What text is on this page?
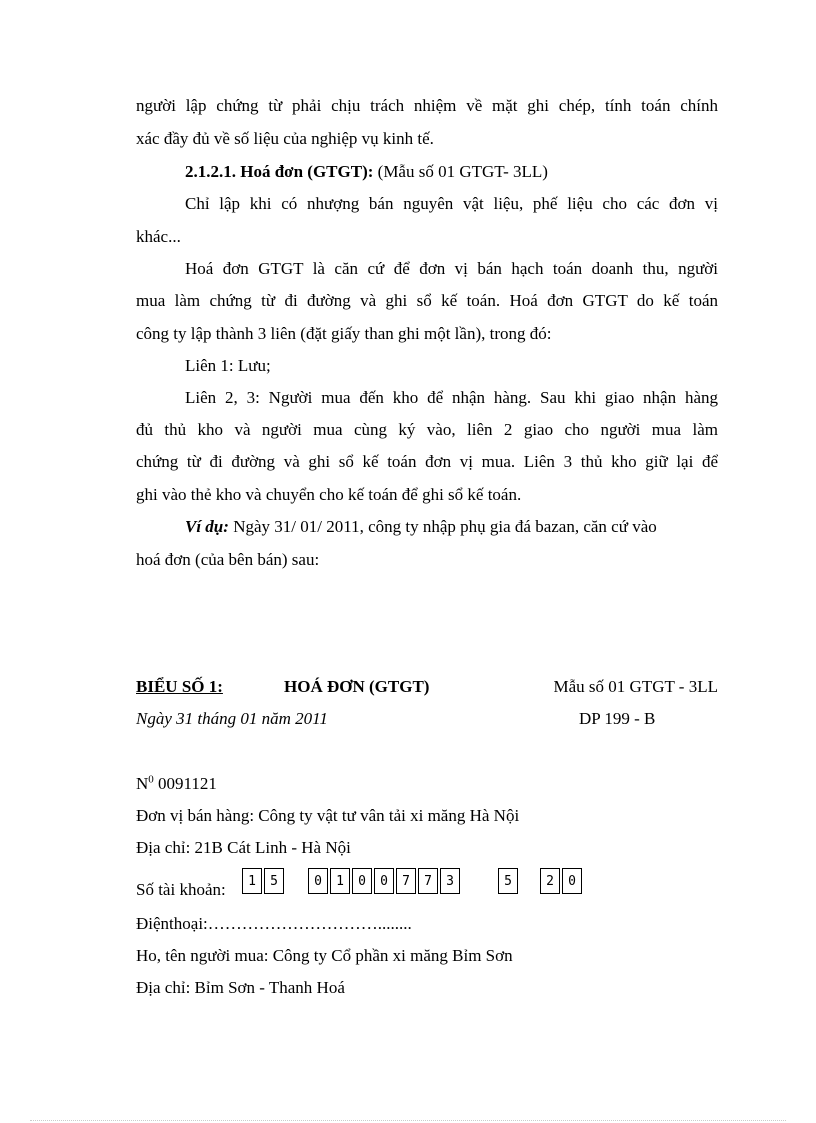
người lập chứng từ phải chịu trách nhiệm về mặt ghi chép, tính toán chính
xác đầy đủ về số liệu của nghiệp vụ kinh tế.
2.1.2.1. Hoá đơn (GTGT): (Mẫu số 01 GTGT- 3LL)
Chỉ lập khi có nhượng bán nguyên vật liệu, phế liệu cho các đơn vị
khác...
Hoá đơn GTGT là căn cứ để đơn vị bán hạch toán doanh thu, người
mua làm chứng từ đi đường và ghi sổ kế toán. Hoá đơn GTGT do kế toán
công ty lập thành 3 liên (đặt giấy than ghi một lần), trong đó:
Liên 1: Lưu;
Liên 2, 3: Người mua đến kho để nhận hàng. Sau khi giao nhận hàng
đủ thủ kho và người mua cùng ký vào, liên 2 giao cho người mua làm
chứng từ đi đường và ghi sổ kế toán đơn vị mua. Liên 3 thủ kho giữ lại để
ghi vào thẻ kho và chuyển cho kế toán để ghi sổ kế toán.
Ví dụ: Ngày 31/ 01/ 2011, công ty nhập phụ gia đá bazan, căn cứ vào
hoá đơn (của bên bán) sau:
BIỂU SỐ 1:	HOÁ ĐƠN (GTGT)	Mẫu số 01 GTGT - 3LL
Ngày 31 tháng 01 năm 2011	DP 199 - B
$N^0$ 0091121
Đơn vị bán hàng: Công ty vật tư vân tải xi măng Hà Nội
Địa chỉ: 21B Cát Linh - Hà Nội
Số tài khoản:	1	5	0	1	0	0	7	7	3	5	2	0
Điệnthoại:…………………………........
Ho, tên người mua: Công ty Cổ phần xi măng Bỉm Sơn
Địa chỉ: Bỉm Sơn - Thanh Hoá
